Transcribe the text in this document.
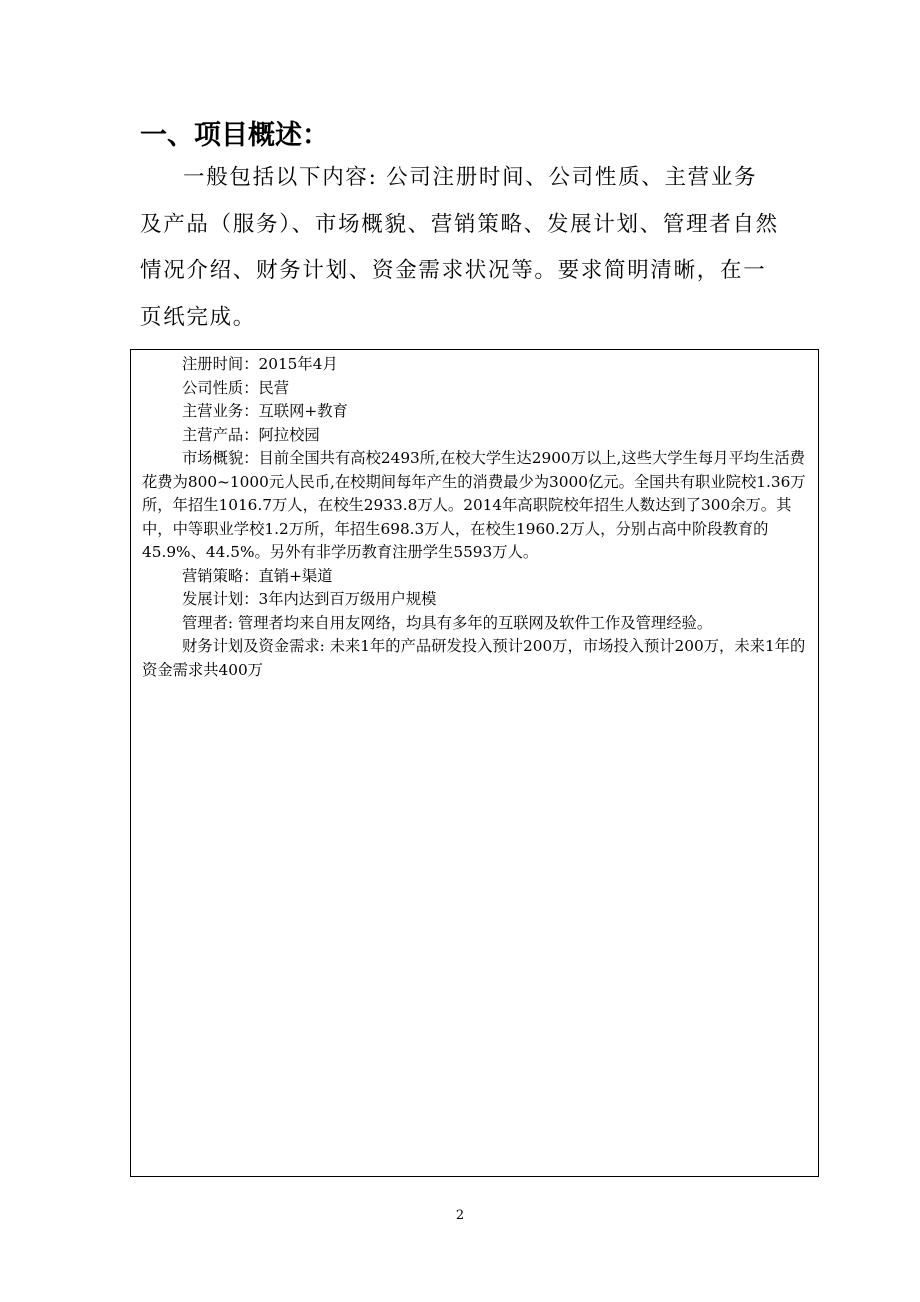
一、项目概述：

一般包括以下内容: 公司注册时间、公司性质、主营业务及产品（服务）、市场概貌、营销策略、发展计划、管理者自然情况介绍、财务计划、资金需求状况等。要求简明清晰，在一页纸完成。

注册时间：2015年4月

公司性质：民营

主营业务：互联网+教育

主营产品：阿拉校园

市场概貌：目前全国共有高校2493所,在校大学生达2900万以上,这些大学生每月平均生活费花费为800~1000元人民币,在校期间每年产生的消费最少为3000亿元。全国共有职业院校1.36万所，年招生1016.7万人，在校生2933.8万人。2014年高职院校年招生人数达到了300余万。其中，中等职业学校1.2万所，年招生698.3万人，在校生1960.2万人，分别占高中阶段教育的45.9%、44.5%。另外有非学历教育注册学生5593万人。

营销策略：直销+渠道

发展计划：3年内达到百万级用户规模

管理者: 管理者均来自用友网络，均具有多年的互联网及软件工作及管理经验。

财务计划及资金需求: 未来1年的产品研发投入预计200万，市场投入预计200万，未来1年的资金需求共400万

2
